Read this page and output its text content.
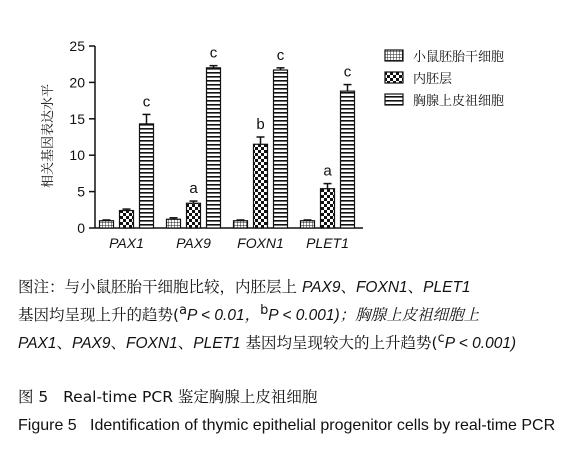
相关基因表达水平
0
5
10
15
20
25
PAX1 PAX9 FOXN1 PLET1
c
a
c
b
c
a
c
小鼠胚胎干细胞
内胚层
胸腺上皮祖细胞
图注：与小鼠胚胎干细胞比较，内胚层上 PAX9、FOXN1、PLET1
基因均呈现上升的趋势($^a$P < 0.01，$^b$P < 0.001)；胸腺上皮祖细胞上
PAX1、PAX9、FOXN1、PLET1 基因均呈现较大的上升趋势($^c$P < 0.001)
图 5 Real-time PCR 鉴定胸腺上皮祖细胞
Figure 5 Identification of thymic epithelial progenitor cells by real-time PCR
